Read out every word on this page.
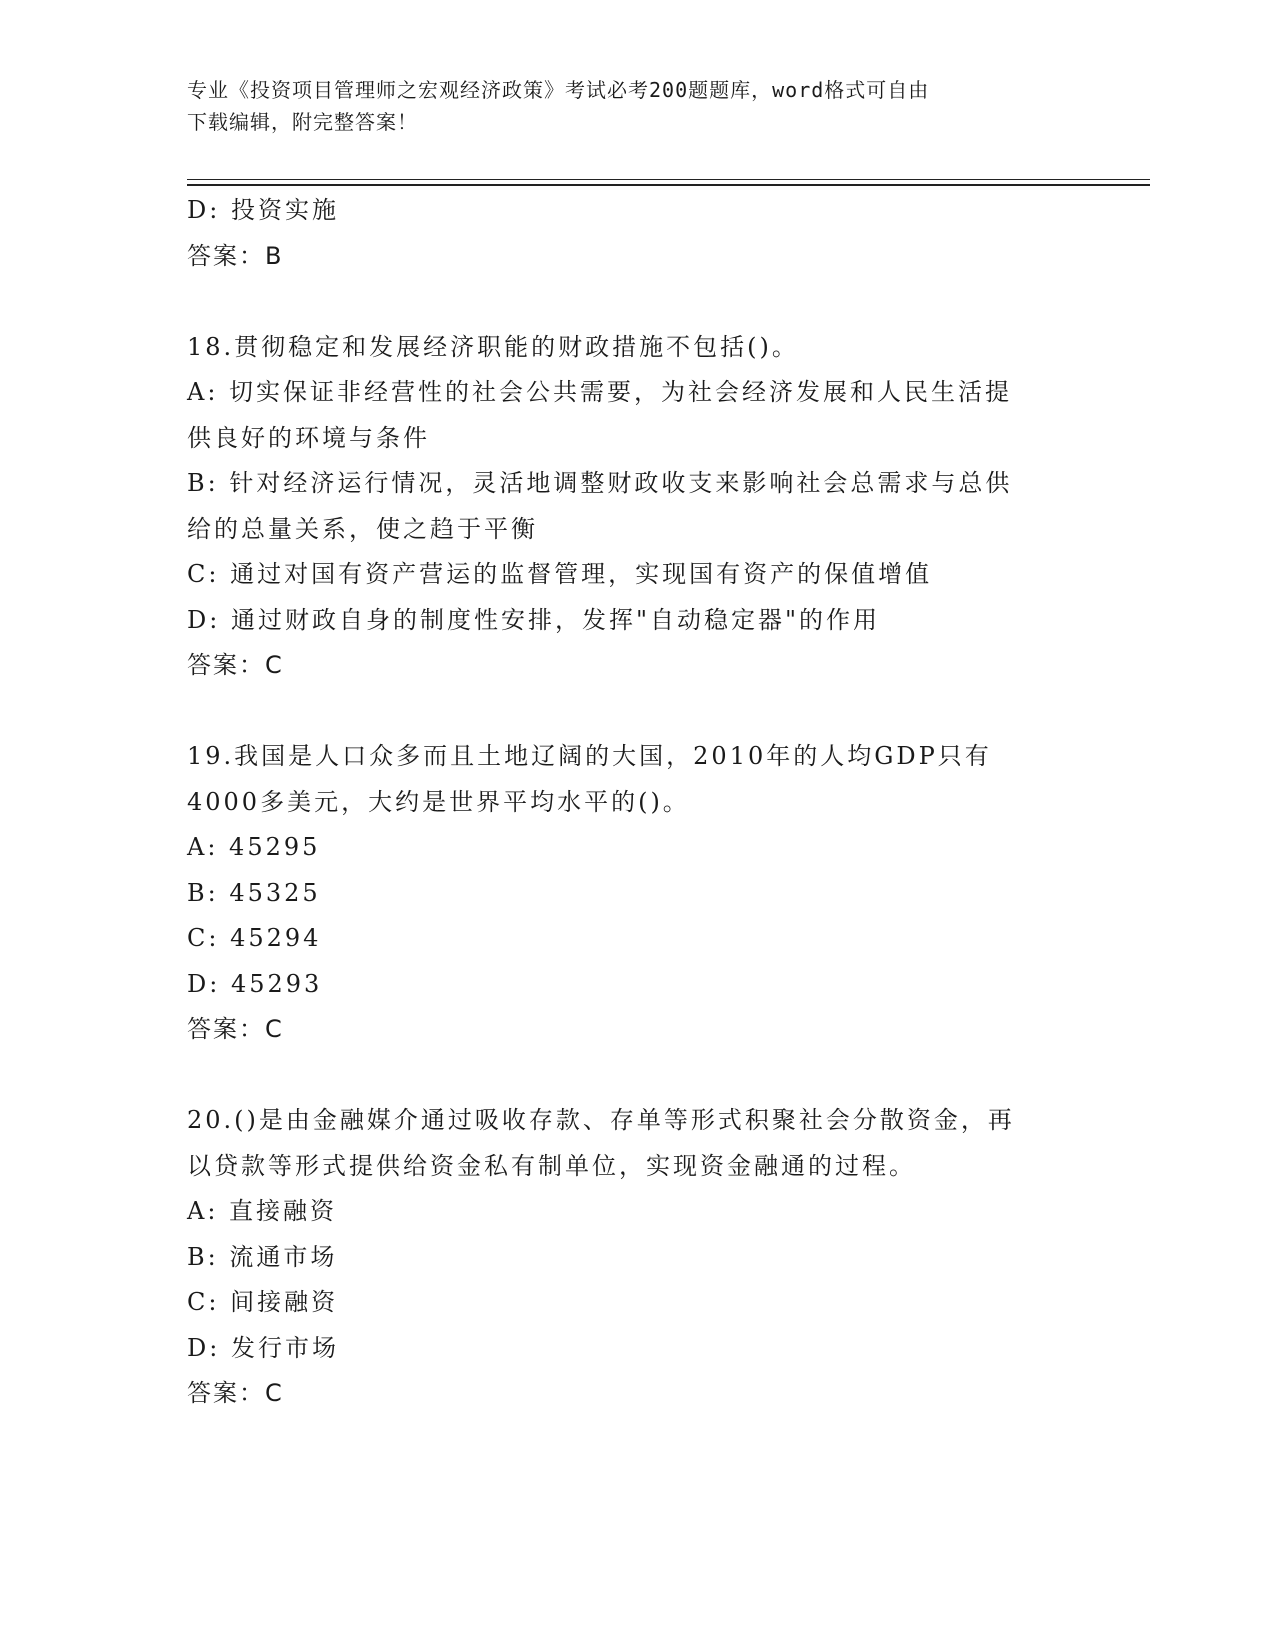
专业《投资项目管理师之宏观经济政策》考试必考200题题库，word格式可自由
下载编辑，附完整答案！
D: 投资实施
答案：B
18.贯彻稳定和发展经济职能的财政措施不包括()。
A: 切实保证非经营性的社会公共需要，为社会经济发展和人民生活提
供良好的环境与条件
B: 针对经济运行情况，灵活地调整财政收支来影响社会总需求与总供
给的总量关系，使之趋于平衡
C: 通过对国有资产营运的监督管理，实现国有资产的保值增值
D: 通过财政自身的制度性安排，发挥"自动稳定器"的作用
答案：C
19.我国是人口众多而且土地辽阔的大国，2010年的人均GDP只有
4000多美元，大约是世界平均水平的()。
A: 45295
B: 45325
C: 45294
D: 45293
答案：C
20.()是由金融媒介通过吸收存款、存单等形式积聚社会分散资金，再
以贷款等形式提供给资金私有制单位，实现资金融通的过程。
A: 直接融资
B: 流通市场
C: 间接融资
D: 发行市场
答案：C
